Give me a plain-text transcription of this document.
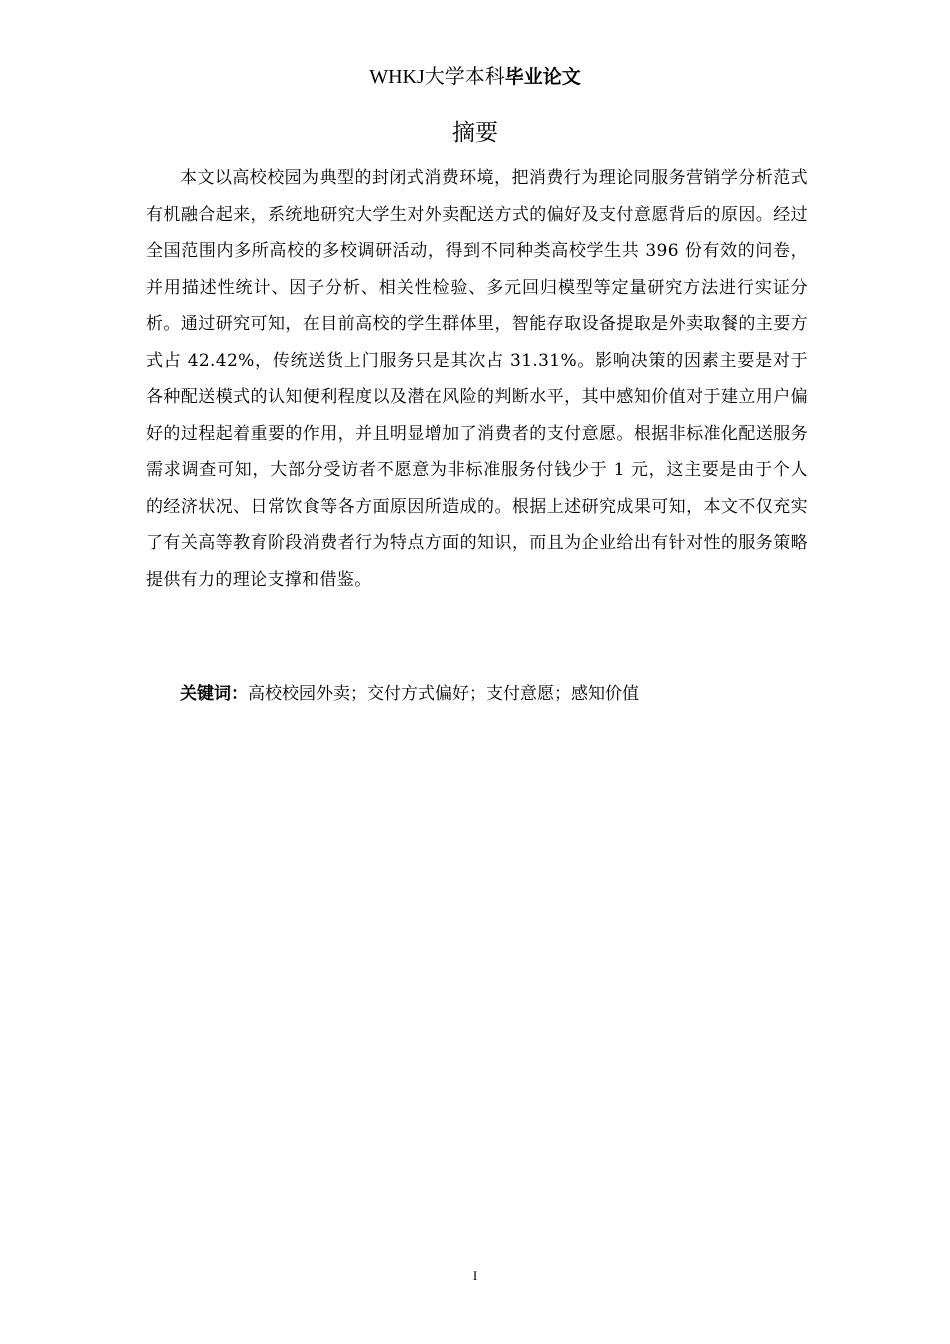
WHKJ大学本科毕业论文
摘要

本文以高校校园为典型的封闭式消费环境，把消费行为理论同服务营销学分析范式有机融合起来，系统地研究大学生对外卖配送方式的偏好及支付意愿背后的原因。经过全国范围内多所高校的多校调研活动，得到不同种类高校学生共 396 份有效的问卷，并用描述性统计、因子分析、相关性检验、多元回归模型等定量研究方法进行实证分析。通过研究可知，在目前高校的学生群体里，智能存取设备提取是外卖取餐的主要方式占 42.42%，传统送货上门服务只是其次占 31.31%。影响决策的因素主要是对于各种配送模式的认知便利程度以及潜在风险的判断水平，其中感知价值对于建立用户偏好的过程起着重要的作用，并且明显增加了消费者的支付意愿。根据非标准化配送服务需求调查可知，大部分受访者不愿意为非标准服务付钱少于 1 元，这主要是由于个人的经济状况、日常饮食等各方面原因所造成的。根据上述研究成果可知，本文不仅充实了有关高等教育阶段消费者行为特点方面的知识，而且为企业给出有针对性的服务策略提供有力的理论支撑和借鉴。

关键词：高校校园外卖；交付方式偏好；支付意愿；感知价值
I
